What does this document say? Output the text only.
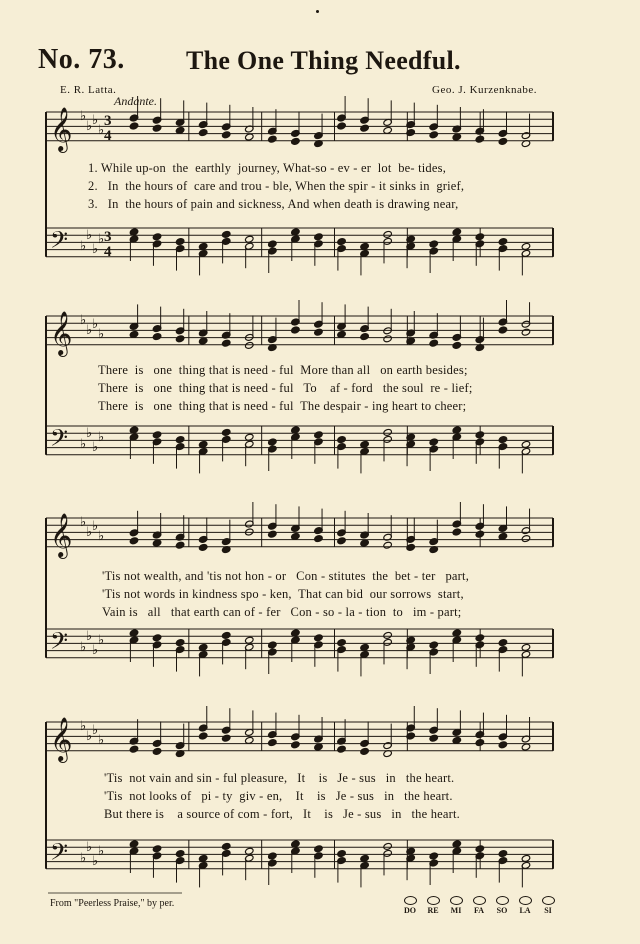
No. 73. The One Thing Needful.
E. R. Latta.	Geo. J. Kurzenknabe.
Andante.
𝄞 ♭
♭ ♭
♭
3
4
𝄢 ♭
♭
♭
♭ 3
4
𝄞 ♭
♭ ♭
♭
𝄢 ♭
♭
♭
♭
𝄞 ♭
♭ ♭
♭
𝄢 ♭
♭
♭
♭
𝄞 ♭
♭ ♭
♭
𝄢 ♭
♭
♭
♭
1. While up-on  the  earthly  journey, What-so - ev - er  lot  be- tides,
2.   In  the hours of  care and trou - ble, When the spir - it sinks in  grief,
3.   In  the hours of pain and sickness, And when death is drawing near,
There  is   one  thing that is need - ful  More than all   on earth besides;
There  is   one  thing that is need - ful   To    af - ford   the soul  re - lief;
There  is   one  thing that is need - ful  The despair - ing heart to cheer;
'Tis not wealth, and 'tis not hon - or   Con - stitutes  the  bet - ter   part,
'Tis not words in kindness spo - ken,  That can bid  our sorrows  start,
Vain is   all   that earth can of - fer   Con - so - la - tion  to   im - part;
'Tis  not vain and sin - ful pleasure,   It    is   Je - sus   in   the heart.
'Tis  not looks of   pi - ty  giv - en,    It    is   Je - sus   in   the heart.
But there is    a source of com - fort,   It    is   Je - sus   in   the heart.
From "Peerless Praise," by per.
DO	RE	MI	FA	SO	LA	SI
